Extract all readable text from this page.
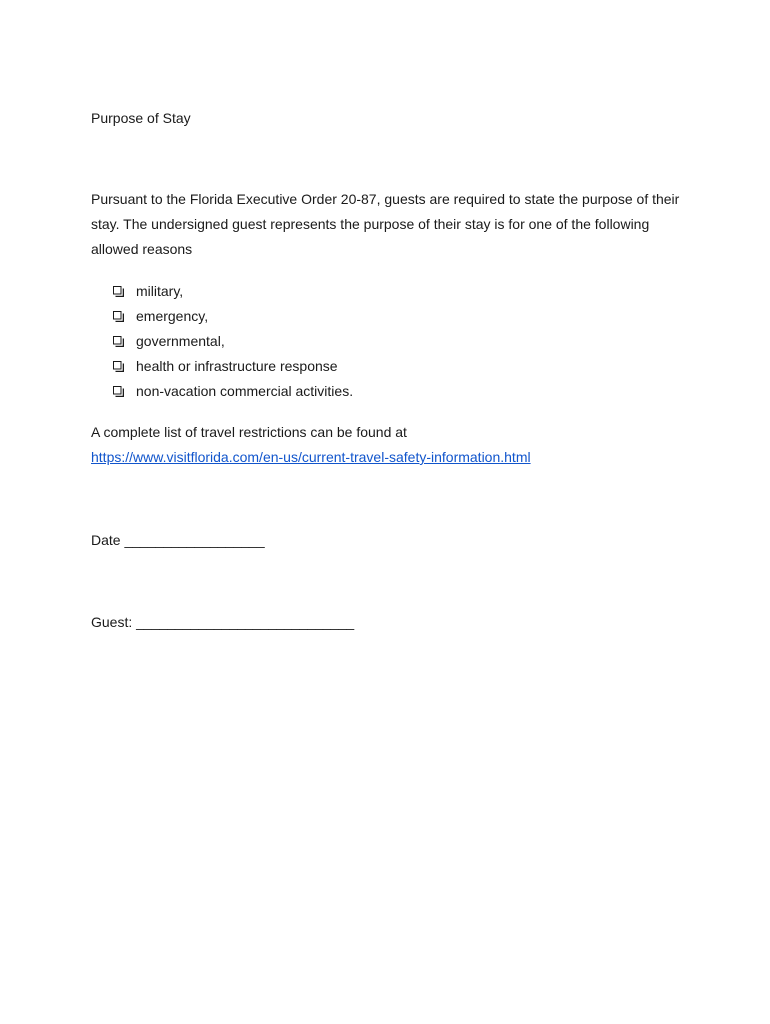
Purpose of Stay

Pursuant to the Florida Executive Order 20-87, guests are required to state the purpose of their stay. The undersigned guest represents the purpose of their stay is for one of the following allowed reasons

military,
emergency,
governmental,
health or infrastructure response
non-vacation commercial activities.
A complete list of travel restrictions can be found at
https://www.visitflorida.com/en-us/current-travel-safety-information.html
Date __________________
Guest: ____________________________
